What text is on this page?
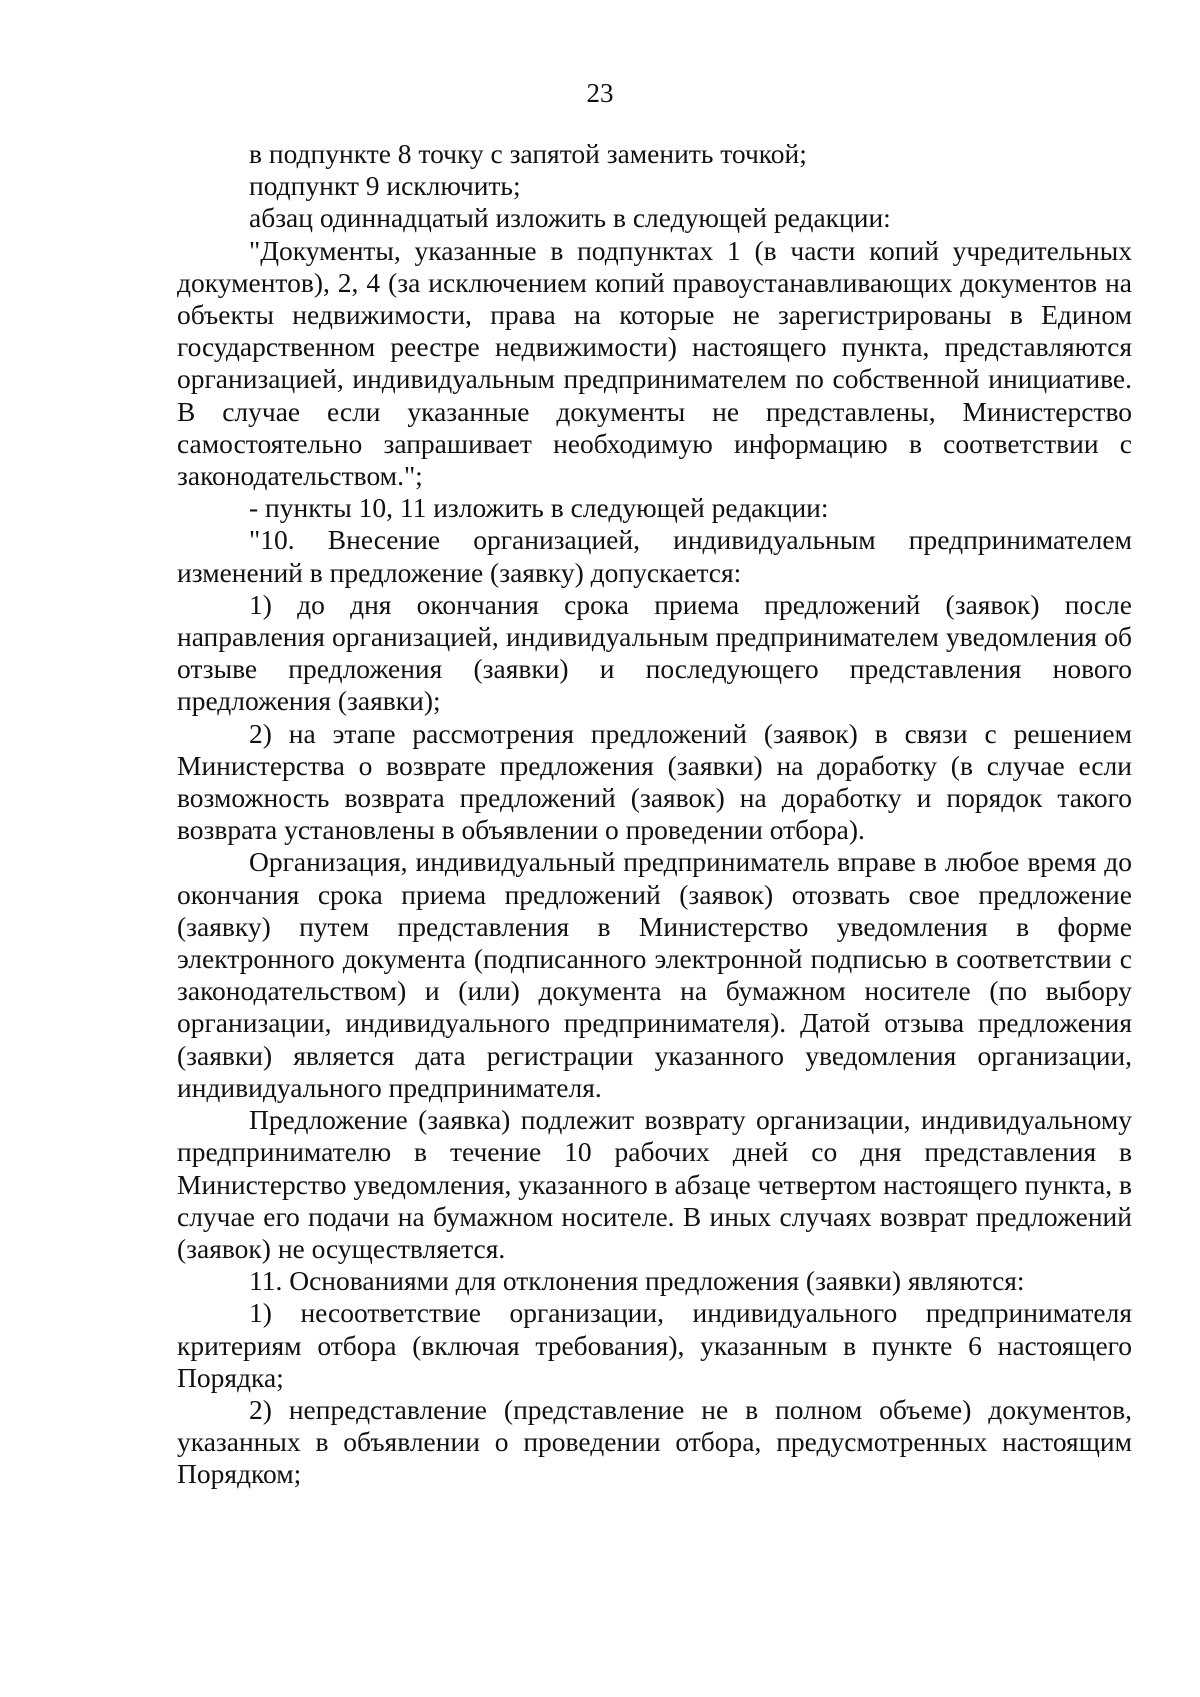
23

в подпункте 8 точку с запятой заменить точкой;

подпункт 9 исключить;

абзац одиннадцатый изложить в следующей редакции:

"Документы, указанные в подпунктах 1 (в части копий учредительных документов), 2, 4 (за исключением копий правоустанавливающих документов на объекты недвижимости, права на которые не зарегистрированы в Едином государственном реестре недвижимости) настоящего пункта, представляются организацией, индивидуальным предпринимателем по собственной инициативе. В случае если указанные документы не представлены, Министерство самостоятельно запрашивает необходимую информацию в соответствии с законодательством.";

- пункты 10, 11 изложить в следующей редакции:

"10. Внесение организацией, индивидуальным предпринимателем изменений в предложение (заявку) допускается:

1) до дня окончания срока приема предложений (заявок) после направления организацией, индивидуальным предпринимателем уведомления об отзыве предложения (заявки) и последующего представления нового предложения (заявки);

2) на этапе рассмотрения предложений (заявок) в связи с решением Министерства о возврате предложения (заявки) на доработку (в случае если возможность возврата предложений (заявок) на доработку и порядок такого возврата установлены в объявлении о проведении отбора).

Организация, индивидуальный предприниматель вправе в любое время до окончания срока приема предложений (заявок) отозвать свое предложение (заявку) путем представления в Министерство уведомления в форме электронного документа (подписанного электронной подписью в соответствии с законодательством) и (или) документа на бумажном носителе (по выбору организации, индивидуального предпринимателя). Датой отзыва предложения (заявки) является дата регистрации указанного уведомления организации, индивидуального предпринимателя.

Предложение (заявка) подлежит возврату организации, индивидуальному предпринимателю в течение 10 рабочих дней со дня представления в Министерство уведомления, указанного в абзаце четвертом настоящего пункта, в случае его подачи на бумажном носителе. В иных случаях возврат предложений (заявок) не осуществляется.

11. Основаниями для отклонения предложения (заявки) являются:

1) несоответствие организации, индивидуального предпринимателя критериям отбора (включая требования), указанным в пункте 6 настоящего Порядка;

2) непредставление (представление не в полном объеме) документов, указанных в объявлении о проведении отбора, предусмотренных настоящим Порядком;
